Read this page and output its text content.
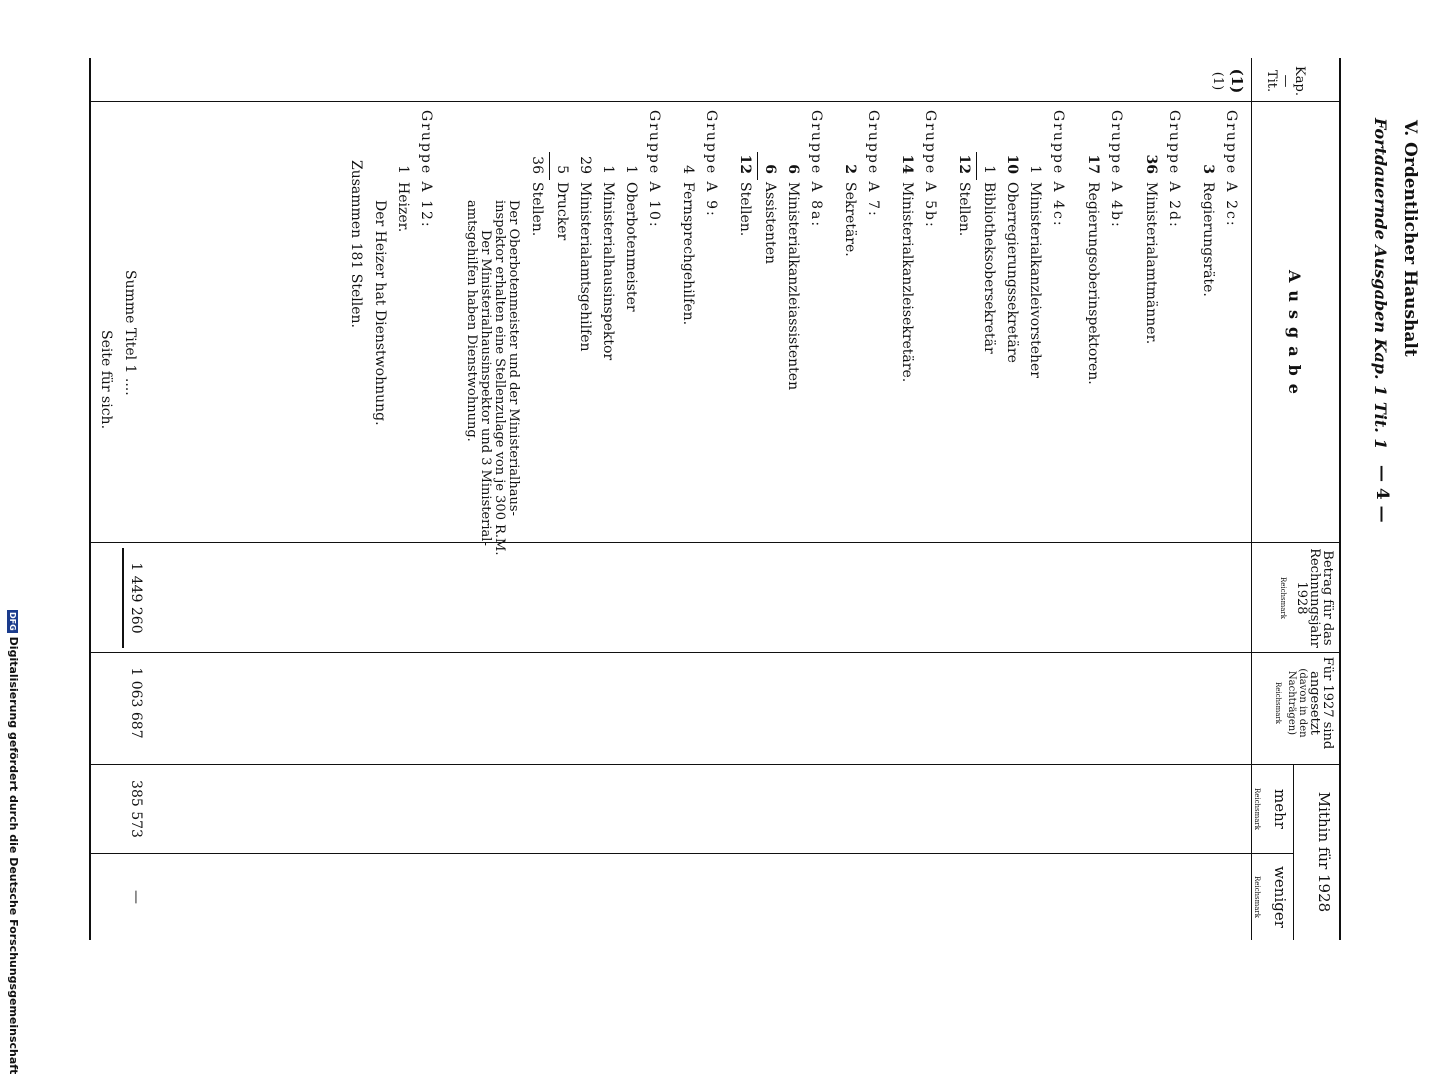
V. Ordentlicher Haushalt
Fortdauernde Ausgaben Kap. 1 Tit. 1
— 4 —
Kap.
—
Tit.
Ausgabe
Betrag für das Rechnungsjahr 1928
Reichsmark
Für 1927 sind angesetzt
(davon in den Nachträgen)
Reichsmark
Mithin für 1928
mehr
Reichsmark
weniger
Reichsmark
(1)
(1)
Gruppe A 2c:
3Regierungsräte.
Gruppe A 2d:
36Ministerialamtmänner.
Gruppe A 4b:
17Regierungsoberinspektoren.
Gruppe A 4c:
1Ministerialkanzleivorsteher
10Oberregierungssekretäre
1Bibliotheksobersekretär
12Stellen.
Gruppe A 5b:
14Ministerialkanzleisekretäre.
Gruppe A 7:
2Sekretäre.
Gruppe A 8a:
6Ministerialkanzleiassistenten
6Assistenten
12Stellen.
Gruppe A 9:
4Fernsprechgehilfen.
Gruppe A 10:
1Oberbotenmeister
1Ministerialhausinspektor
29Ministerialamtsgehilfen
5Drucker
36Stellen.
Der Oberbotenmeister und der Ministerialhaus-
inspektor erhalten eine Stellenzulage von je 300 R.M.
Der Ministerialhausinspektor und 3 Ministerial-
amtsgehilfen haben Dienstwohnung.
Gruppe A 12:
1Heizer.
Der Heizer hat Dienstwohnung.
Zusammen 181 Stellen.
Summe Titel 1 ....
Seite für sich.
1 449 260
1 063 687
385 573
—
DFGDigitalisierung gefördert durch die Deutsche Forschungsgemeinschaft
